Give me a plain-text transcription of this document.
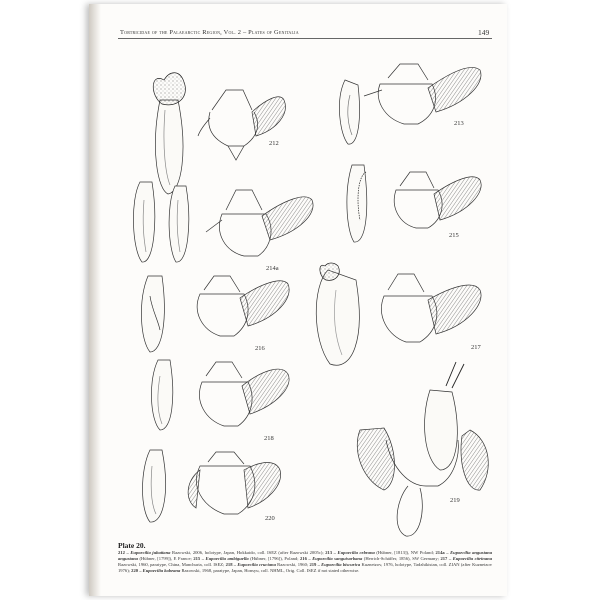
Tortricidae of the Palaearctic Region, Vol. 2 – Plates of Genitalia	149
212
213
214a
215
216	217
218
219
220
Plate 20.
212 – Eupoecilia jubatiana Razowski, 2006, holotype, Japan, Hokkaido, coll. ISEZ (after Razowski 2005c); 213 – Eupoecilia cebrana (Hübner, [1813]), NW Poland; 214a – Eupoecilia angustana angustana (Hübner, [1799]), E France; 215 – Eupoecilia ambiguella (Hübner, [1796]), Poland; 216 – Eupoecilia sanguisorbana (Herrich-Schäffer, 1856), SW Germany; 217 – Eupoecilia citrinana Razowski, 1960, paratype, China, Manchuria, coll. ISEZ; 218 – Eupoecilia cruciana Razowski, 1960; 219 – Eupoecilia biscurica Kuznetzov, 1976, holotype, Tadzhikistan, coll. ZIAN (after Kuznetzov 1976); 220 – Eupoecilia kobeana Razowski, 1968, paratype, Japan, Honsyu, coll. NHML, Orig. Coll. ISEZ if not stated otherwise.
